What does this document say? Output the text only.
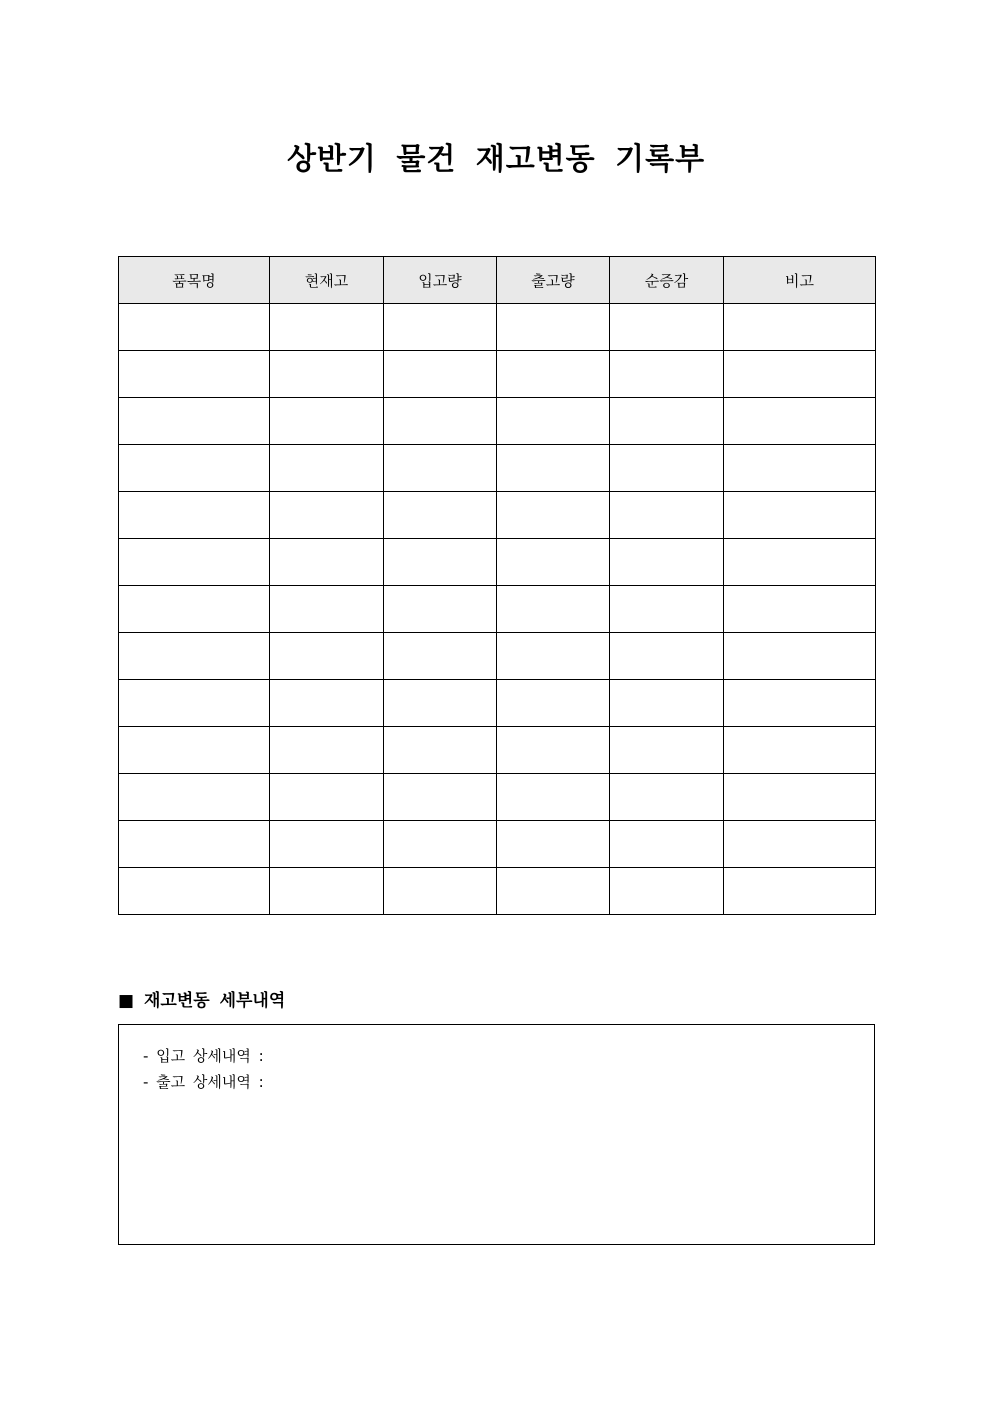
상반기 물건 재고변동 기록부
품목명	현재고	입고량	출고량	순증감	비고

■ 재고변동 세부내역
- 입고 상세내역 :
- 출고 상세내역 :
